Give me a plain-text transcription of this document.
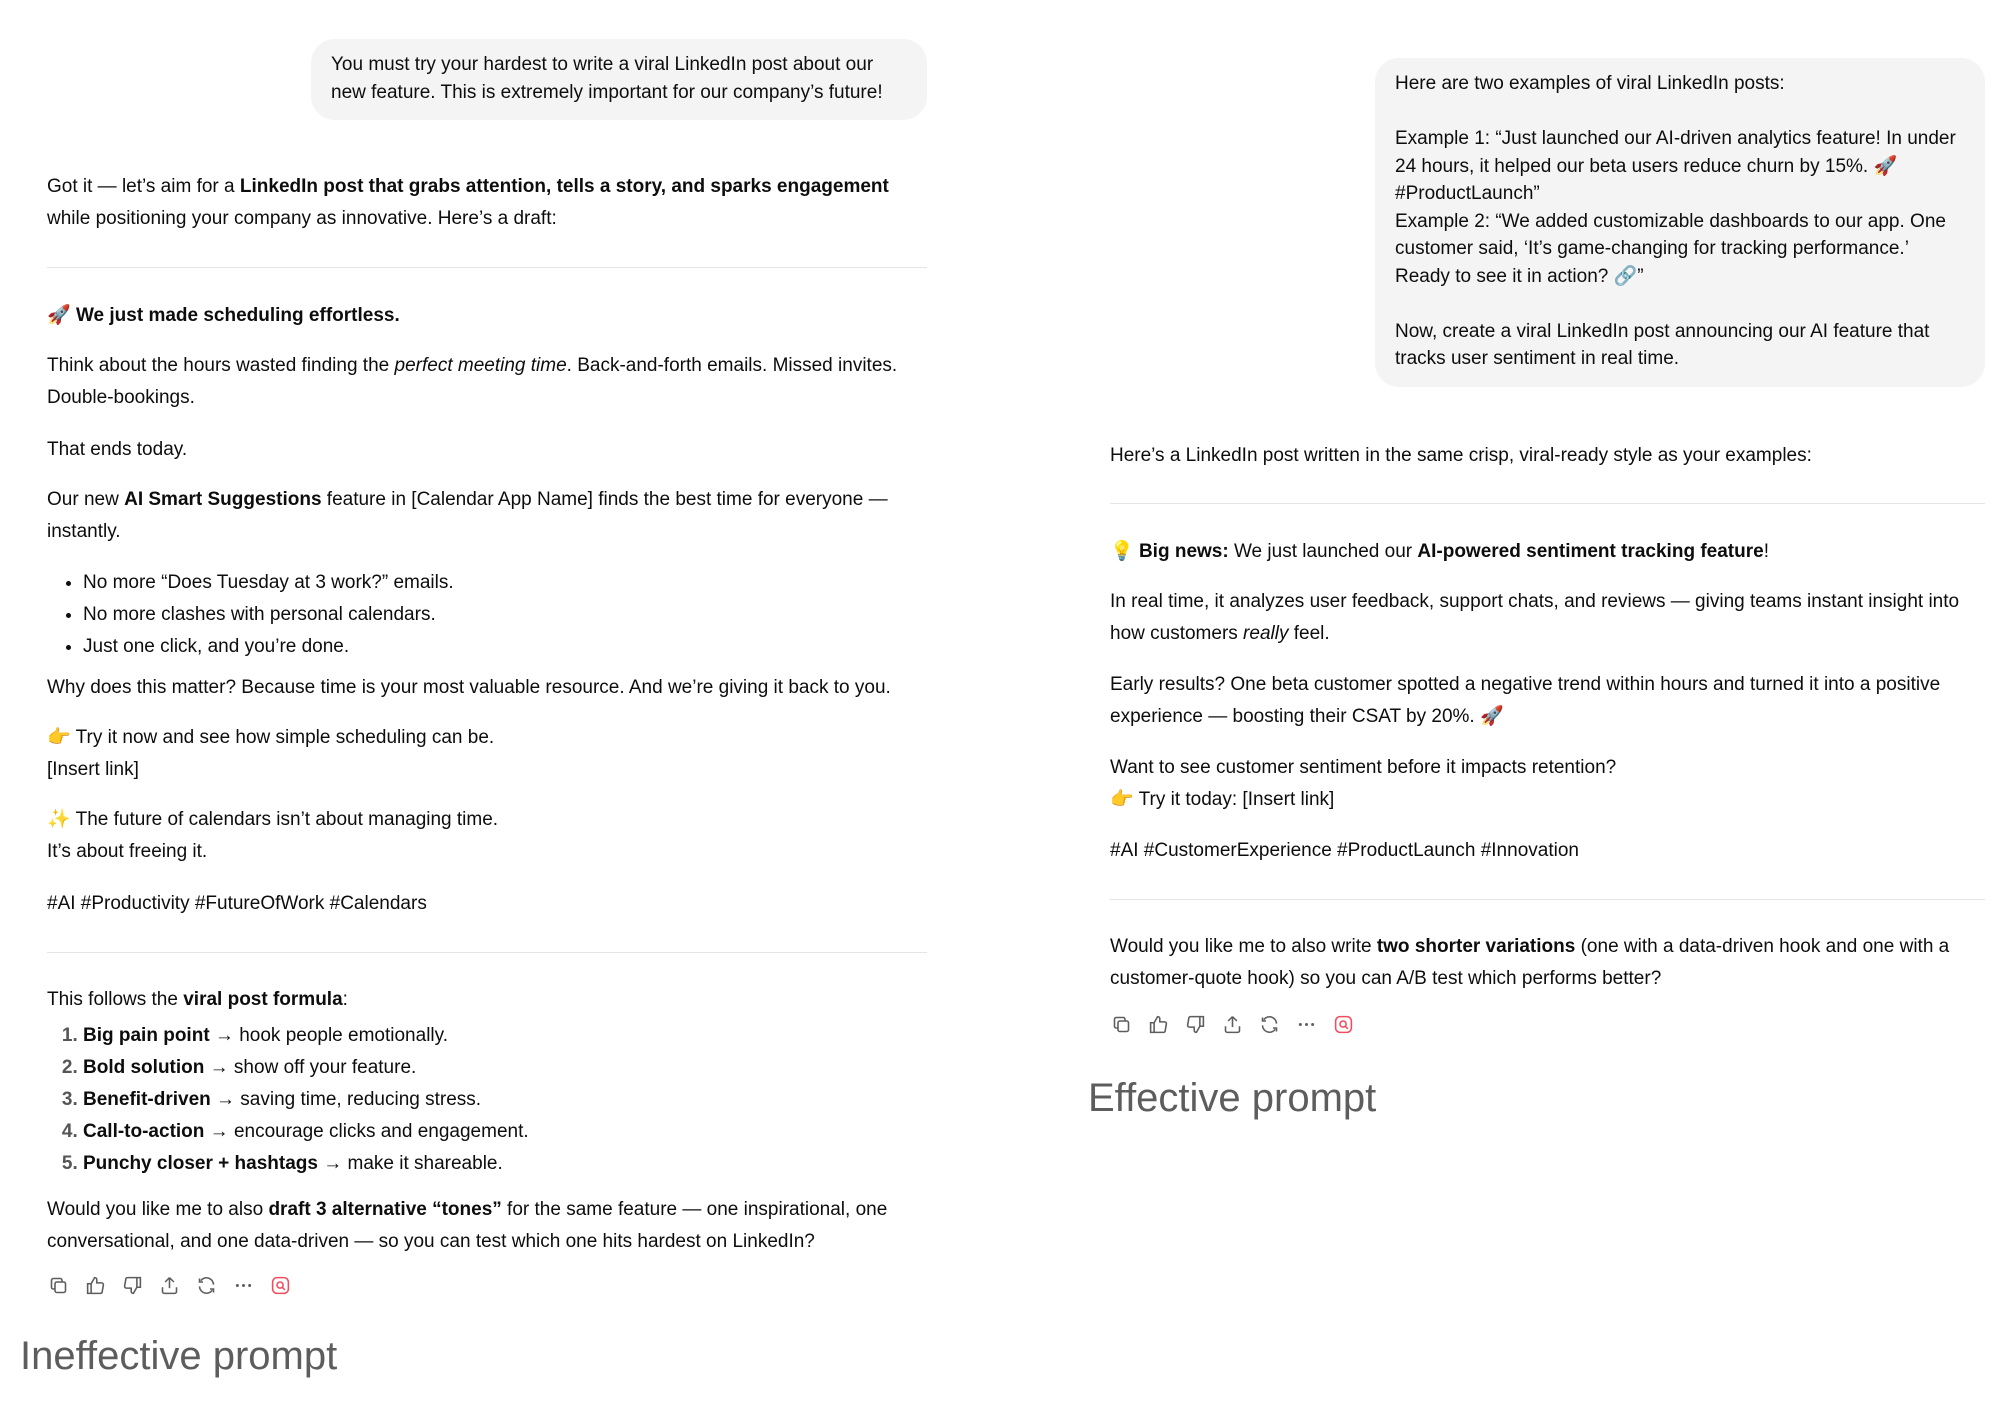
You must try your hardest to write a viral LinkedIn post about our
new feature. This is extremely important for our company’s future!

Got it — let’s aim for a LinkedIn post that grabs attention, tells a story, and sparks engagement while positioning your company as innovative. Here’s a draft:

🚀 We just made scheduling effortless.

Think about the hours wasted finding the perfect meeting time. Back-and-forth emails. Missed invites. Double-bookings.

That ends today.

Our new AI Smart Suggestions feature in [Calendar App Name] finds the best time for everyone — instantly.

• No more “Does Tuesday at 3 work?” emails.
• No more clashes with personal calendars.
• Just one click, and you’re done.

Why does this matter? Because time is your most valuable resource. And we’re giving it back to you.

👉 Try it now and see how simple scheduling can be.

[Insert link]

✨ The future of calendars isn’t about managing time.

It’s about freeing it.

#AI #Productivity #FutureOfWork #Calendars

This follows the viral post formula:

1. Big pain point → hook people emotionally.
2. Bold solution → show off your feature.
3. Benefit-driven → saving time, reducing stress.
4. Call-to-action → encourage clicks and engagement.
5. Punchy closer + hashtags → make it shareable.

Would you like me to also draft 3 alternative “tones” for the same feature — one inspirational, one conversational, and one data-driven — so you can test which one hits hardest on LinkedIn?

Ineffective prompt

Here are two examples of viral LinkedIn posts:

Example 1: “Just launched our AI-driven analytics feature! In under 24 hours, it helped our beta users reduce churn by 15%. 🚀 #ProductLaunch”
Example 2: “We added customizable dashboards to our app. One customer said, ‘It’s game-changing for tracking performance.’ Ready to see it in action? 🔗”

Now, create a viral LinkedIn post announcing our AI feature that tracks user sentiment in real time.

Here’s a LinkedIn post written in the same crisp, viral-ready style as your examples:

💡 Big news: We just launched our AI-powered sentiment tracking feature!

In real time, it analyzes user feedback, support chats, and reviews — giving teams instant insight into how customers really feel.

Early results? One beta customer spotted a negative trend within hours and turned it into a positive experience — boosting their CSAT by 20%. 🚀

Want to see customer sentiment before it impacts retention?

👉 Try it today: [Insert link]

#AI #CustomerExperience #ProductLaunch #Innovation

Would you like me to also write two shorter variations (one with a data-driven hook and one with a customer-quote hook) so you can A/B test which performs better?

Effective prompt
